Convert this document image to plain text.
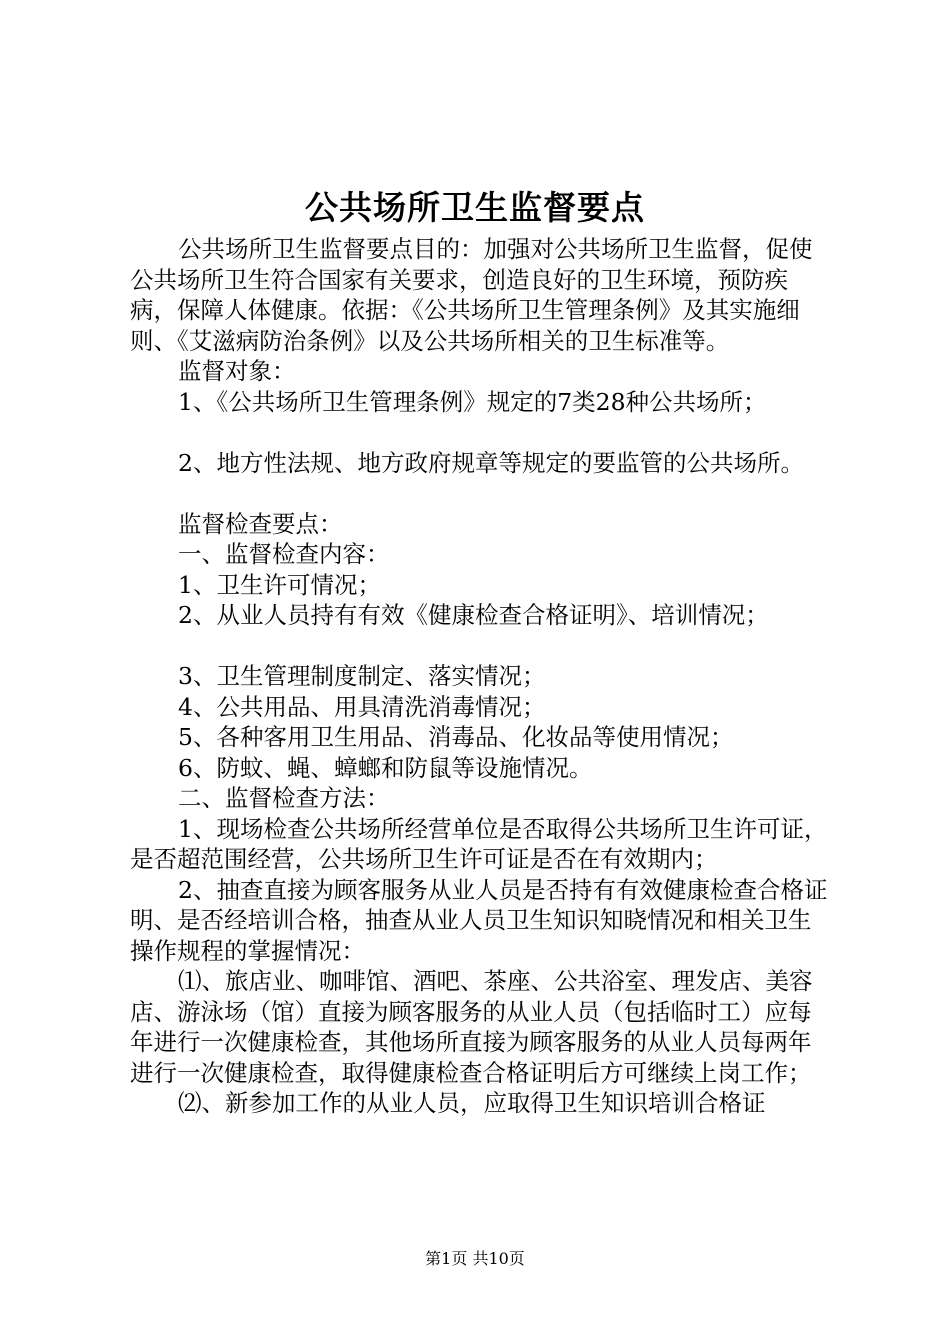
公共场所卫生监督要点

公共场所卫生监督要点目的：加强对公共场所卫生监督，促使公共场所卫生符合国家有关要求，创造良好的卫生环境，预防疾病，保障人体健康。依据：《公共场所卫生管理条例》及其实施细则、《艾滋病防治条例》以及公共场所相关的卫生标准等。

监督对象：

1、《公共场所卫生管理条例》规定的7类28种公共场所；

2、地方性法规、地方政府规章等规定的要监管的公共场所。

监督检查要点：

一、监督检查内容：

1、卫生许可情况；

2、从业人员持有有效《健康检查合格证明》、培训情况；

3、卫生管理制度制定、落实情况；

4、公共用品、用具清洗消毒情况；

5、各种客用卫生用品、消毒品、化妆品等使用情况；

6、防蚊、蝇、蟑螂和防鼠等设施情况。

二、监督检查方法：

1、现场检查公共场所经营单位是否取得公共场所卫生许可证，是否超范围经营，公共场所卫生许可证是否在有效期内；

2、抽查直接为顾客服务从业人员是否持有有效健康检查合格证明、是否经培训合格，抽查从业人员卫生知识知晓情况和相关卫生操作规程的掌握情况：

⑴、旅店业、咖啡馆、酒吧、茶座、公共浴室、理发店、美容店、游泳场（馆）直接为顾客服务的从业人员（包括临时工）应每年进行一次健康检查，其他场所直接为顾客服务的从业人员每两年进行一次健康检查，取得健康检查合格证明后方可继续上岗工作；

⑵、新参加工作的从业人员，应取得卫生知识培训合格证

第1页 共10页
